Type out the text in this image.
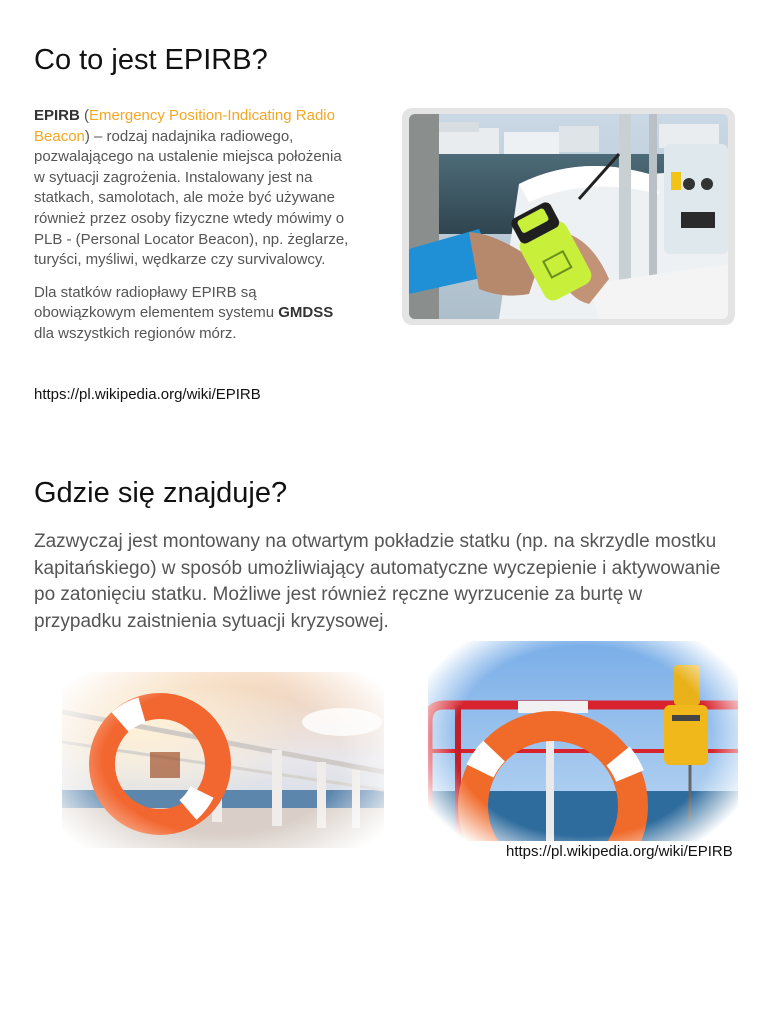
Co to jest EPIRB?

EPIRB (Emergency Position-Indicating Radio Beacon) – rodzaj nadajnika radiowego, pozwalającego na ustalenie miejsca położenia w sytuacji zagrożenia. Instalowany jest na statkach, samolotach, ale może być używane również przez osoby fizyczne wtedy mówimy o PLB - (Personal Locator Beacon), np. żeglarze, turyści, myśliwi, wędkarze czy survivalowcy.

Dla statków radiopławy EPIRB są obowiązkowym elementem systemu GMDSS dla wszystkich regionów mórz.

https://pl.wikipedia.org/wiki/EPIRB
Gdzie się znajduje?

Zazwyczaj jest montowany na otwartym pokładzie statku (np. na skrzydle mostku kapitańskiego) w sposób umożliwiający automatyczne wyczepienie i aktywowanie po zatonięciu statku. Możliwe jest również ręczne wyrzucenie za burtę w przypadku zaistnienia sytuacji kryzysowej.

https://pl.wikipedia.org/wiki/EPIRB
